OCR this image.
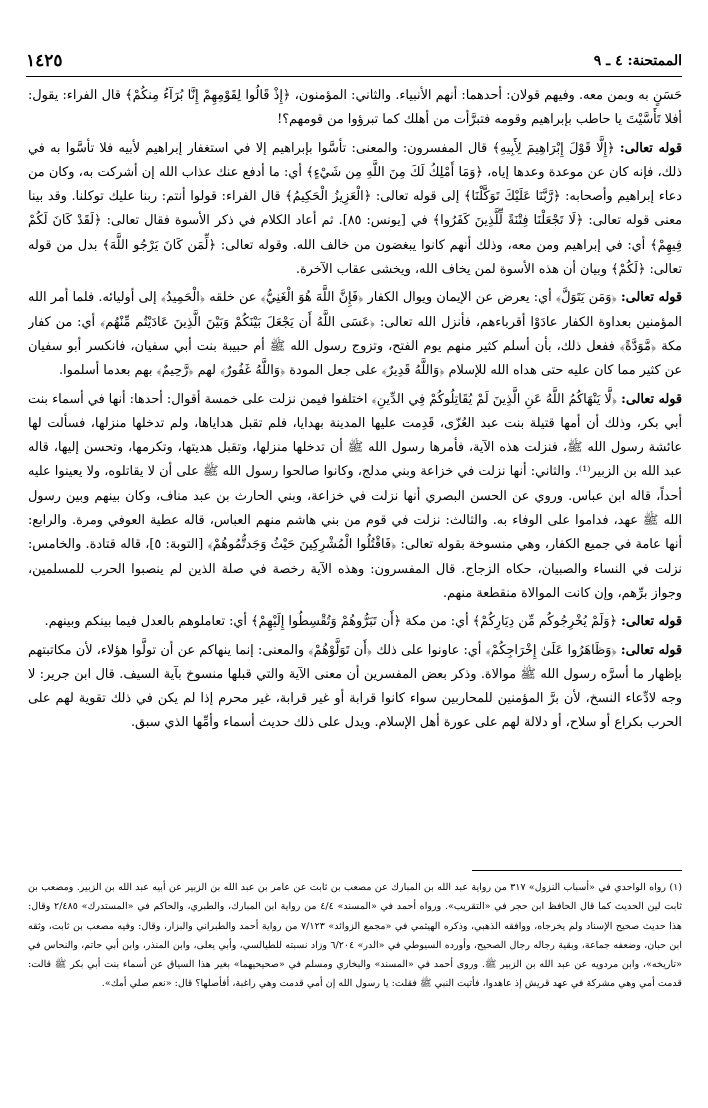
الممتحنة: ٤ ـ ٩
١٤٢٥

حَسَنٍ به وبمن معه. وفيهم قولان: أحدهما: أنهم الأنبياء. والثاني: المؤمنون، ﴿إِذْ قَالُوا لِقَوْمِهِمْ إِنَّا بُرَآءُ مِنكُمْ﴾ قال الفراء: يقول: أفلا تَأَسَّيْتَ يا حاطب بإبراهيم وقومه فتبرَّأت من أهلك كما تبرؤوا من قومهم؟!

قوله تعالى: ﴿إِلَّا قَوْلَ إِبْرَاهِيمَ لِأَبِيهِ﴾ قال المفسرون: والمعنى: تأسَّوا بإبراهيم إلا في استغفار إبراهيم لأبيه فلا تأسَّوا به في ذلك، فإنه كان عن موعدة وعدها إياه، ﴿وَمَا أَمْلِكُ لَكَ مِنَ اللَّهِ مِن شَيْءٍ﴾ أي: ما أدفع عنك عذاب الله إن أشركت به، وكان من دعاء إبراهيم وأصحابه: ﴿رَّبَّنَا عَلَيْكَ تَوَكَّلْنَا﴾ إلى قوله تعالى: ﴿الْعَزِيزُ الْحَكِيمُ﴾ قال الفراء: قولوا أنتم: ربنا عليك توكلنا. وقد بينا معنى قوله تعالى: ﴿لَا تَجْعَلْنَا فِتْنَةً لِّلَّذِينَ كَفَرُوا﴾ في [يونس: ٨٥]. ثم أعاد الكلام في ذكر الأسوة فقال تعالى: ﴿لَقَدْ كَانَ لَكُمْ فِيهِمْ﴾ أي: في إبراهيم ومن معه، وذلك أنهم كانوا يبغضون من خالف الله. وقوله تعالى: ﴿لِّمَن كَانَ يَرْجُو اللَّهَ﴾ بدل من قوله تعالى: ﴿لَكُمْ﴾ وبيان أن هذه الأسوة لمن يخاف الله، ويخشى عقاب الآخرة.

قوله تعالى: ﴿وَمَن يَتَوَلَّ﴾ أي: يعرض عن الإيمان ويوال الكفار ﴿فَإِنَّ اللَّهَ هُوَ الْغَنِيُّ﴾ عن خلقه ﴿الْحَمِيدُ﴾ إلى أوليائه. فلما أمر الله المؤمنين بعداوة الكفار عادَوْا أقرباءهم، فأنزل الله تعالى: ﴿عَسَى اللَّهُ أَن يَجْعَلَ بَيْنَكُمْ وَبَيْنَ الَّذِينَ عَادَيْتُم مِّنْهُم﴾ أي: من كفار مكة ﴿مَّوَدَّةً﴾ ففعل ذلك، بأن أسلم كثير منهم يوم الفتح، وتزوج رسول الله ﷺ أم حبيبة بنت أبي سفيان، فانكسر أبو سفيان عن كثير مما كان عليه حتى هداه الله للإسلام ﴿وَاللَّهُ قَدِيرٌ﴾ على جعل المودة ﴿وَاللَّهُ غَفُورٌ﴾ لهم ﴿رَّحِيمٌ﴾ بهم بعدما أسلموا.

قوله تعالى: ﴿لَّا يَنْهَاكُمُ اللَّهُ عَنِ الَّذِينَ لَمْ يُقَاتِلُوكُمْ فِي الدِّينِ﴾ اختلفوا فيمن نزلت على خمسة أقوال: أحدها: أنها في أسماء بنت أبي بكر، وذلك أن أمها قتيلة بنت عبد العُزّى، قَدِمت عليها المدينة بهدايا، فلم تقبل هداياها، ولم تدخلها منزلها، فسألت لها عائشة رسول الله ﷺ، فنزلت هذه الآية، فأمرها رسول الله ﷺ أن تدخلها منزلها، وتقبل هديتها، وتكرمها، وتحسن إليها، قاله عبد الله بن الزبير⁽¹⁾. والثاني: أنها نزلت في خزاعة وبني مدلج، وكانوا صالحوا رسول الله ﷺ على أن لا يقاتلوه، ولا يعينوا عليه أحداً، قاله ابن عباس. وروي عن الحسن البصري أنها نزلت في خزاعة، وبني الحارث بن عبد مناف، وكان بينهم وبين رسول الله ﷺ عهد، فداموا على الوفاء به. والثالث: نزلت في قوم من بني هاشم منهم العباس، قاله عطية العوفي ومرة. والرابع: أنها عامة في جميع الكفار، وهي منسوخة بقوله تعالى: ﴿فَاقْتُلُوا الْمُشْرِكِينَ حَيْثُ وَجَدتُّمُوهُمْ﴾ [التوبة: ٥]، قاله قتادة. والخامس: نزلت في النساء والصبيان، حكاه الزجاج. قال المفسرون: وهذه الآية رخصة في صلة الذين لم ينصبوا الحرب للمسلمين، وجواز برِّهم، وإن كانت الموالاة منقطعة منهم.

قوله تعالى: ﴿وَلَمْ يُخْرِجُوكُم مِّن دِيَارِكُمْ﴾ أي: من مكة ﴿أَن تَبَرُّوهُمْ وَتُقْسِطُوا إِلَيْهِمْ﴾ أي: تعاملوهم بالعدل فيما بينكم وبينهم.

قوله تعالى: ﴿وَظَاهَرُوا عَلَىٰ إِخْرَاجِكُمْ﴾ أي: عاونوا على ذلك ﴿أَن تَوَلَّوْهُمْ﴾ والمعنى: إنما ينهاكم عن أن تولَّوا هؤلاء، لأن مكاتبتهم بإظهار ما أسرَّه رسول الله ﷺ موالاة. وذكر بعض المفسرين أن معنى الآية والتي قبلها منسوخ بآية السيف. قال ابن جرير: لا وجه لادِّعاء النسخ، لأن برَّ المؤمنين للمحاربين سواء كانوا قرابة أو غير قرابة، غير محرم إذا لم يكن في ذلك تقوية لهم على الحرب بكراع أو سلاح، أو دلالة لهم على عورة أهل الإسلام. ويدل على ذلك حديث أسماء وأمِّها الذي سبق.

(١) رواه الواحدي في «أسباب النزول» ٣١٧ من رواية عبد الله بن المبارك عن مصعب بن ثابت عن عامر بن عبد الله بن الزبير عن أبيه عبد الله بن الزبير. ومصعب بن ثابت لين الحديث كما قال الحافظ ابن حجر في «التقريب». ورواه أحمد في «المسند» ٤/٤ من رواية ابن المبارك، والطبري، والحاكم في «المستدرك» ٢/٤٨٥ وقال: هذا حديث صحيح الإسناد ولم يخرجاه، ووافقه الذهبي، وذكره الهيثمي في «مجمع الزوائد» ٧/١٢٣ من رواية أحمد والطبراني والبزار، وقال: وفيه مصعب بن ثابت، وثقه ابن حبان، وضعفه جماعة، وبقية رجاله رجال الصحيح، وأورده السيوطي في «الدر» ٦/٢٠٤ وزاد نسبته للطيالسي، وأبي يعلى، وابن المنذر، وابن أبي حاتم، والنحاس في «تاريخه»، وابن مردويه عن عبد الله بن الزبير ﷺ. وروى أحمد في «المسند» والبخاري ومسلم في «صحيحيهما» بغير هذا السياق عن أسماء بنت أبي بكر ﷺ قالت: قدمت أمي وهي مشركة في عهد قريش إذ عاهدوا، فأتيت النبي ﷺ فقلت: يا رسول الله إن أمي قدمت وهي راغبة، أفأصلها؟ قال: «نعم صلي أمك».
